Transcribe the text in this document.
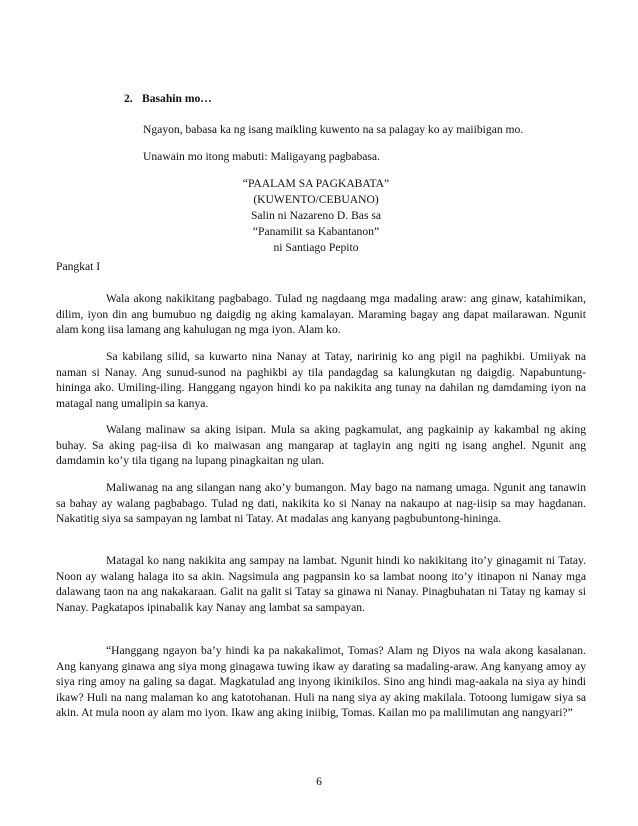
2. Basahin mo…
Ngayon, babasa ka ng isang maikling kuwento na sa palagay ko ay maiibigan mo.
Unawain mo itong mabuti: Maligayang pagbabasa.
“PAALAM SA PAGKABATA”
(KUWENTO/CEBUANO)
Salin ni Nazareno D. Bas sa
“Panamilit sa Kabantanon”
ni Santiago Pepito
Pangkat I

Wala akong nakikitang pagbabago. Tulad ng nagdaang mga madaling araw: ang ginaw, katahimikan, dilim, iyon din ang bumubuo ng daigdig ng aking kamalayan. Maraming bagay ang dapat mailarawan. Ngunit alam kong iisa lamang ang kahulugan ng mga iyon. Alam ko.

Sa kabilang silid, sa kuwarto nina Nanay at Tatay, naririnig ko ang pigil na paghikbi. Umiiyak na naman si Nanay. Ang sunud-sunod na paghikbi ay tila pandagdag sa kalungkutan ng daigdig. Napabuntung-hininga ako. Umiling-iling. Hanggang ngayon hindi ko pa nakikita ang tunay na dahilan ng damdaming iyon na matagal nang umalipin sa kanya.

Walang malinaw sa aking isipan. Mula sa aking pagkamulat, ang pagkainip ay kakambal ng aking buhay. Sa aking pag-iisa di ko maiwasan ang mangarap at taglayin ang ngiti ng isang anghel. Ngunit ang damdamin ko’y tila tigang na lupang pinagkaitan ng ulan.

Maliwanag na ang silangan nang ako’y bumangon. May bago na namang umaga. Ngunit ang tanawin sa bahay ay walang pagbabago. Tulad ng dati, nakikita ko si Nanay na nakaupo at nag-iisip sa may hagdanan. Nakatitig siya sa sampayan ng lambat ni Tatay. At madalas ang kanyang pagbubuntong-hininga.

Matagal ko nang nakikita ang sampay na lambat. Ngunit hindi ko nakikitang ito’y ginagamit ni Tatay. Noon ay walang halaga ito sa akin. Nagsimula ang pagpansin ko sa lambat noong ito’y itinapon ni Nanay mga dalawang taon na ang nakakaraan. Galit na galit si Tatay sa ginawa ni Nanay. Pinagbuhatan ni Tatay ng kamay si Nanay. Pagkatapos ipinabalik kay Nanay ang lambat sa sampayan.

“Hanggang ngayon ba’y hindi ka pa nakakalimot, Tomas? Alam ng Diyos na wala akong kasalanan. Ang kanyang ginawa ang siya mong ginagawa tuwing ikaw ay darating sa madaling-araw. Ang kanyang amoy ay siya ring amoy na galing sa dagat. Magkatulad ang inyong ikinikilos. Sino ang hindi mag-aakala na siya ay hindi ikaw? Huli na nang malaman ko ang katotohanan. Huli na nang siya ay aking makilala. Totoong lumigaw siya sa akin. At mula noon ay alam mo iyon. Ikaw ang aking iniibig, Tomas. Kailan mo pa malilimutan ang nangyari?”

6
